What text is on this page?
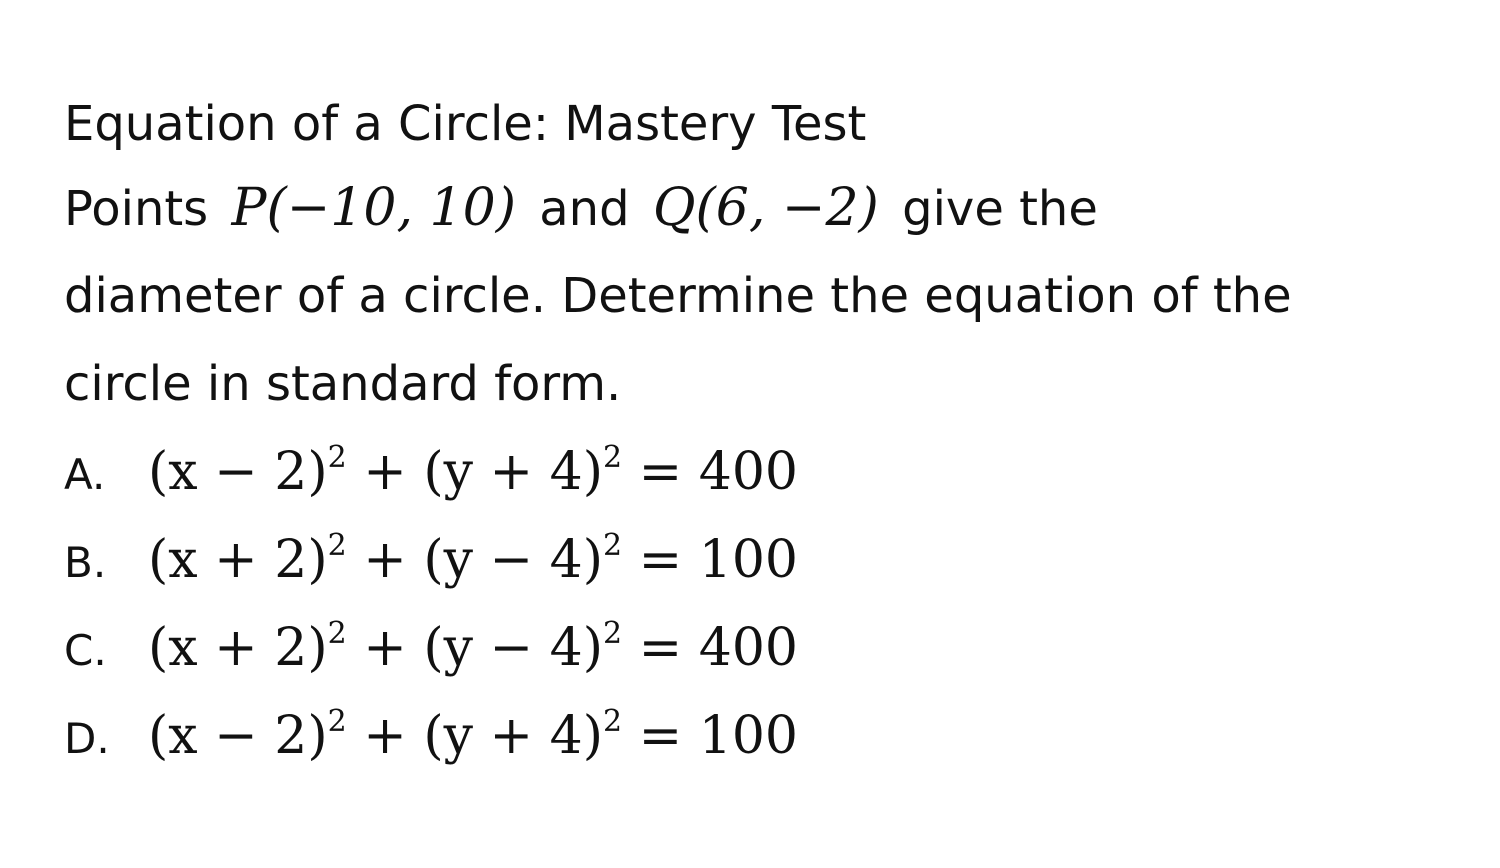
Equation of a Circle: Mastery Test
Points P(−10, 10) and Q(6, −2) give the
diameter of a circle. Determine the equation of the
circle in standard form.
A. $(x - 2)^2 + (y + 4)^2 = 400$
B. $(x + 2)^2 + (y - 4)^2 = 100$
C. $(x + 2)^2 + (y - 4)^2 = 400$
D. $(x - 2)^2 + (y + 4)^2 = 100$
